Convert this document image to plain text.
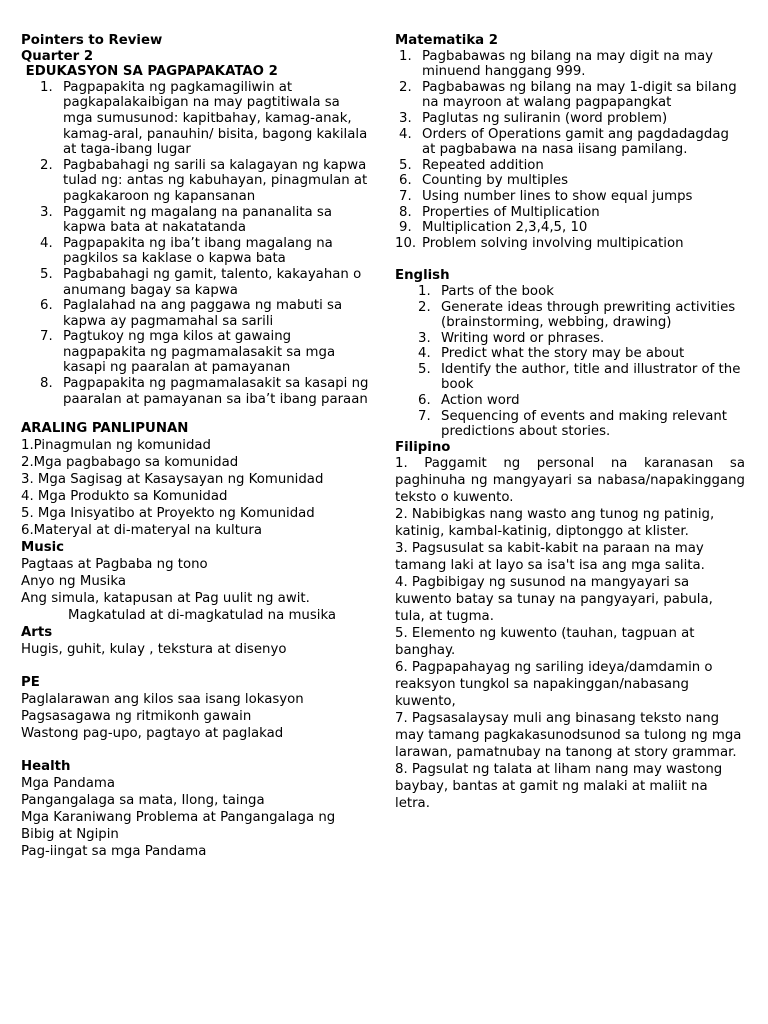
Pointers to Review
Quarter 2
EDUKASYON SA PAGPAPAKATAO 2
1. Pagpapakita ng pagkamagiliwin at pagkapalakaibigan na may pagtitiwala sa mga sumusunod: kapitbahay, kamag-anak, kamag-aral, panauhin/ bisita, bagong kakilala at taga-ibang lugar
2. Pagbabahagi ng sarili sa kalagayan ng kapwa tulad ng: antas ng kabuhayan, pinagmulan at pagkakaroon ng kapansanan
3. Paggamit ng magalang na pananalita sa kapwa bata at nakatatanda
4. Pagpapakita ng iba’t ibang magalang na pagkilos sa kaklase o kapwa bata
5. Pagbabahagi ng gamit, talento, kakayahan o anumang bagay sa kapwa
6. Paglalahad na ang paggawa ng mabuti sa kapwa ay pagmamahal sa sarili
7. Pagtukoy ng mga kilos at gawaing nagpapakita ng pagmamalasakit sa mga kasapi ng paaralan at pamayanan
8. Pagpapakita ng pagmamalasakit sa kasapi ng paaralan at pamayanan sa iba’t ibang paraan
ARALING PANLIPUNAN
1.Pinagmulan ng komunidad
2.Mga pagbabago sa komunidad
3. Mga Sagisag at Kasaysayan ng Komunidad
4. Mga Produkto sa Komunidad
5. Mga Inisyatibo at Proyekto ng Komunidad
6.Materyal at di-materyal na kultura
Music
Pagtaas at Pagbaba ng tono
Anyo ng Musika
Ang simula, katapusan at Pag uulit ng awit.
Magkatulad at di-magkatulad na musika
Arts
Hugis, guhit, kulay , tekstura at disenyo
PE
Paglalarawan ang kilos saa isang lokasyon
Pagsasagawa ng ritmikonh gawain
Wastong pag-upo, pagtayo at paglakad
Health
Mga Pandama
Pangangalaga sa mata, Ilong, tainga
Mga Karaniwang Problema at Pangangalaga ng Bibig at Ngipin
Pag-iingat sa mga Pandama
Matematika 2
1. Pagbabawas ng bilang na may digit na may minuend hanggang 999.
2. Pagbabawas ng bilang na may 1-digit sa bilang na mayroon at walang pagpapangkat
3. Paglutas ng suliranin (word problem)
4. Orders of Operations gamit ang pagdadagdag at pagbabawa na nasa iisang pamilang.
5. Repeated addition
6. Counting by multiples
7. Using number lines to show equal jumps
8. Properties of Multiplication
9. Multiplication 2,3,4,5, 10
10. Problem solving involving multipication
English
1. Parts of the book
2. Generate ideas through prewriting activities (brainstorming, webbing, drawing)
3. Writing word or phrases.
4. Predict what the story may be about
5. Identify the author, title and illustrator of the book
6. Action word
7. Sequencing of events and making relevant predictions about stories.
Filipino
1. Paggamit ng personal na karanasan sa paghinuha ng mangyayari sa nabasa/napakinggang teksto o kuwento.
2. Nabibigkas nang wasto ang tunog ng patinig, katinig, kambal-katinig, diptonggo at klister.
3. Pagsusulat sa kabit-kabit na paraan na may tamang laki at layo sa isa't isa ang mga salita.
4. Pagbibigay ng susunod na mangyayari sa kuwento batay sa tunay na pangyayari, pabula, tula, at tugma.
5. Elemento ng kuwento (tauhan, tagpuan at banghay.
6. Pagpapahayag ng sariling ideya/damdamin o reaksyon tungkol sa napakinggan/nabasang kuwento,
7. Pagsasalaysay muli ang binasang teksto nang may tamang pagkakasunodsunod sa tulong ng mga larawan, pamatnubay na tanong at story grammar.
8. Pagsulat ng talata at liham nang may wastong baybay, bantas at gamit ng malaki at maliit na letra.
